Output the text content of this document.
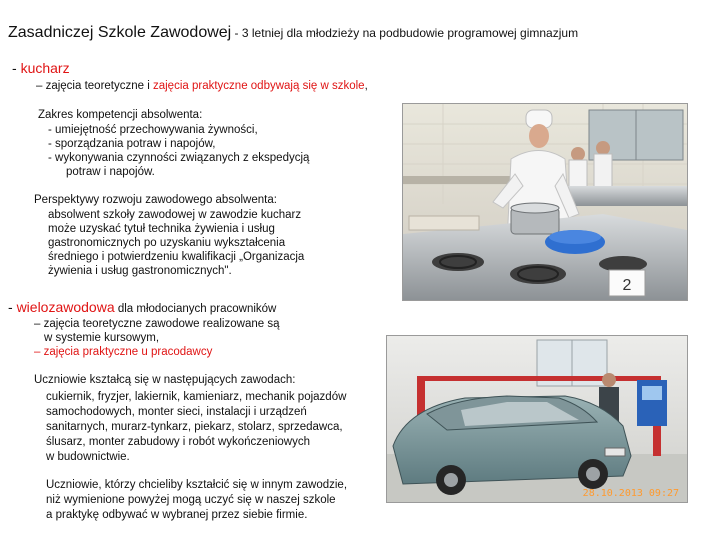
Zasadniczej Szkole Zawodowej - 3 letniej dla młodzieży na podbudowie programowej gimnazjum
- kucharz
– zajęcia teoretyczne i zajęcia praktyczne odbywają się w szkole,
Zakres kompetencji absolwenta:
- umiejętność przechowywania żywności,
- sporządzania potraw i napojów,
- wykonywania czynności związanych z ekspedycją
potraw i napojów.
Perspektywy rozwoju zawodowego absolwenta:
absolwent szkoły zawodowej w zawodzie kucharz
może uzyskać tytuł technika żywienia i usług
gastronomicznych po uzyskaniu wykształcenia
średniego i potwierdzeniu kwalifikacji „Organizacja
żywienia i usług gastronomicznych".
- wielozawodowa dla młodocianych pracowników
– zajęcia teoretyczne zawodowe realizowane są
w systemie kursowym,
– zajęcia praktyczne u pracodawcy
Uczniowie kształcą się w następujących zawodach:
cukiernik, fryzjer, lakiernik, kamieniarz, mechanik pojazdów
samochodowych, monter sieci, instalacji i urządzeń
sanitarnych, murarz-tynkarz, piekarz, stolarz, sprzedawca,
ślusarz, monter zabudowy i robót wykończeniowych
w budownictwie.
Uczniowie, którzy chcieliby kształcić się w innym zawodzie,
niż wymienione powyżej mogą uczyć się w naszej szkole
a praktykę odbywać w wybranej przez siebie firmie.
2
28.10.2013 09:27
